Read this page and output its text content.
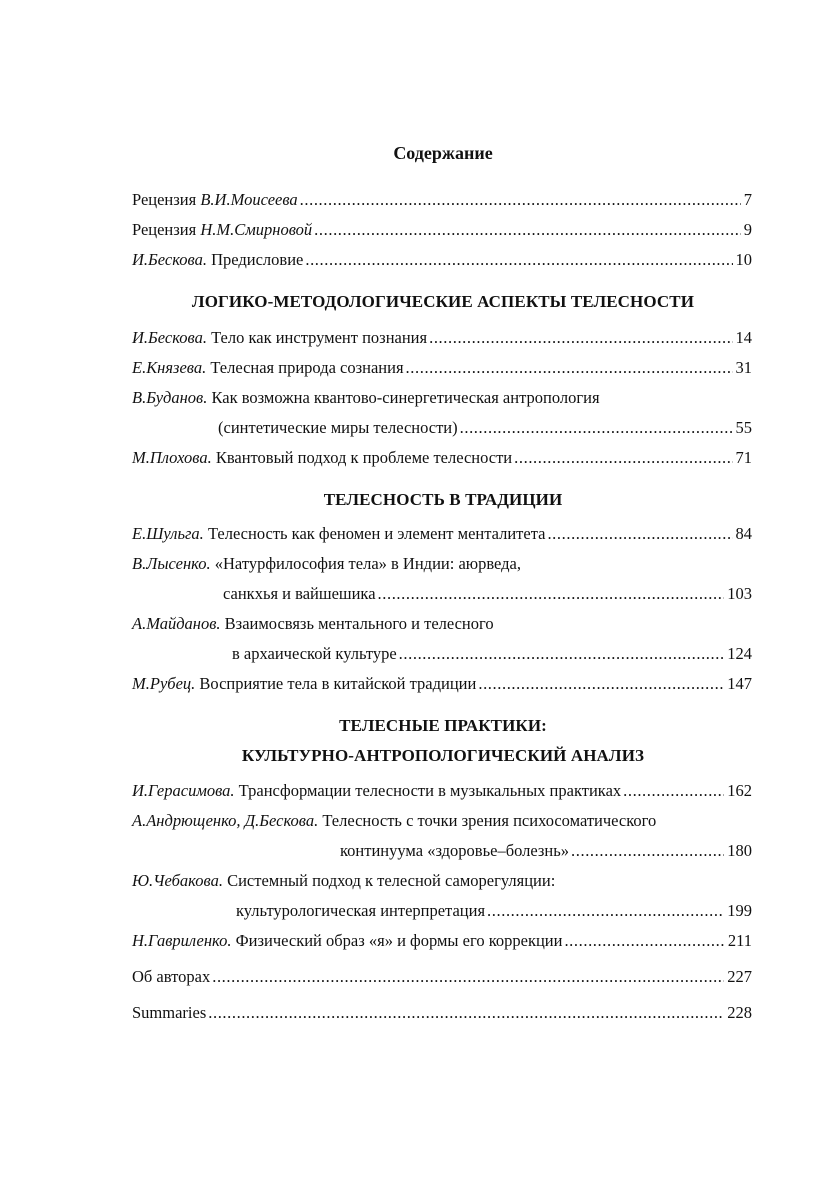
Содержание
Рецензия В.И.Моисеева .....	7
Рецензия Н.М.Смирновой .....	9
И.Бескова. Предисловие .....	10
ЛОГИКО-МЕТОДОЛОГИЧЕСКИЕ АСПЕКТЫ ТЕЛЕСНОСТИ
И.Бескова. Тело как инструмент познания .....	14
Е.Князева. Телесная природа сознания .....	31
В.Буданов. Как возможна квантово-синергетическая антропология
(синтетические миры телесности) .....	55
М.Плохова. Квантовый подход к проблеме телесности .....	71
ТЕЛЕСНОСТЬ В ТРАДИЦИИ
Е.Шульга. Телесность как феномен и элемент менталитета .....	84
В.Лысенко. «Натурфилософия тела» в Индии: аюрведа,
санкхья и вайшешика .....	103
А.Майданов. Взаимосвязь ментального и телесного
в архаической культуре .....	124
М.Рубец. Восприятие тела в китайской традиции .....	147
ТЕЛЕСНЫЕ ПРАКТИКИ:
КУЛЬТУРНО-АНТРОПОЛОГИЧЕСКИЙ АНАЛИЗ
И.Герасимова. Трансформации телесности в музыкальных практиках .....	162
А.Андрющенко, Д.Бескова. Телесность с точки зрения психосоматического
континуума «здоровье–болезнь» .....	180
Ю.Чебакова. Системный подход к телесной саморегуляции:
культурологическая интерпретация .....	199
Н.Гавриленко. Физический образ «я» и формы его коррекции .....	211
Об авторах .....	227
Summaries .....	228
